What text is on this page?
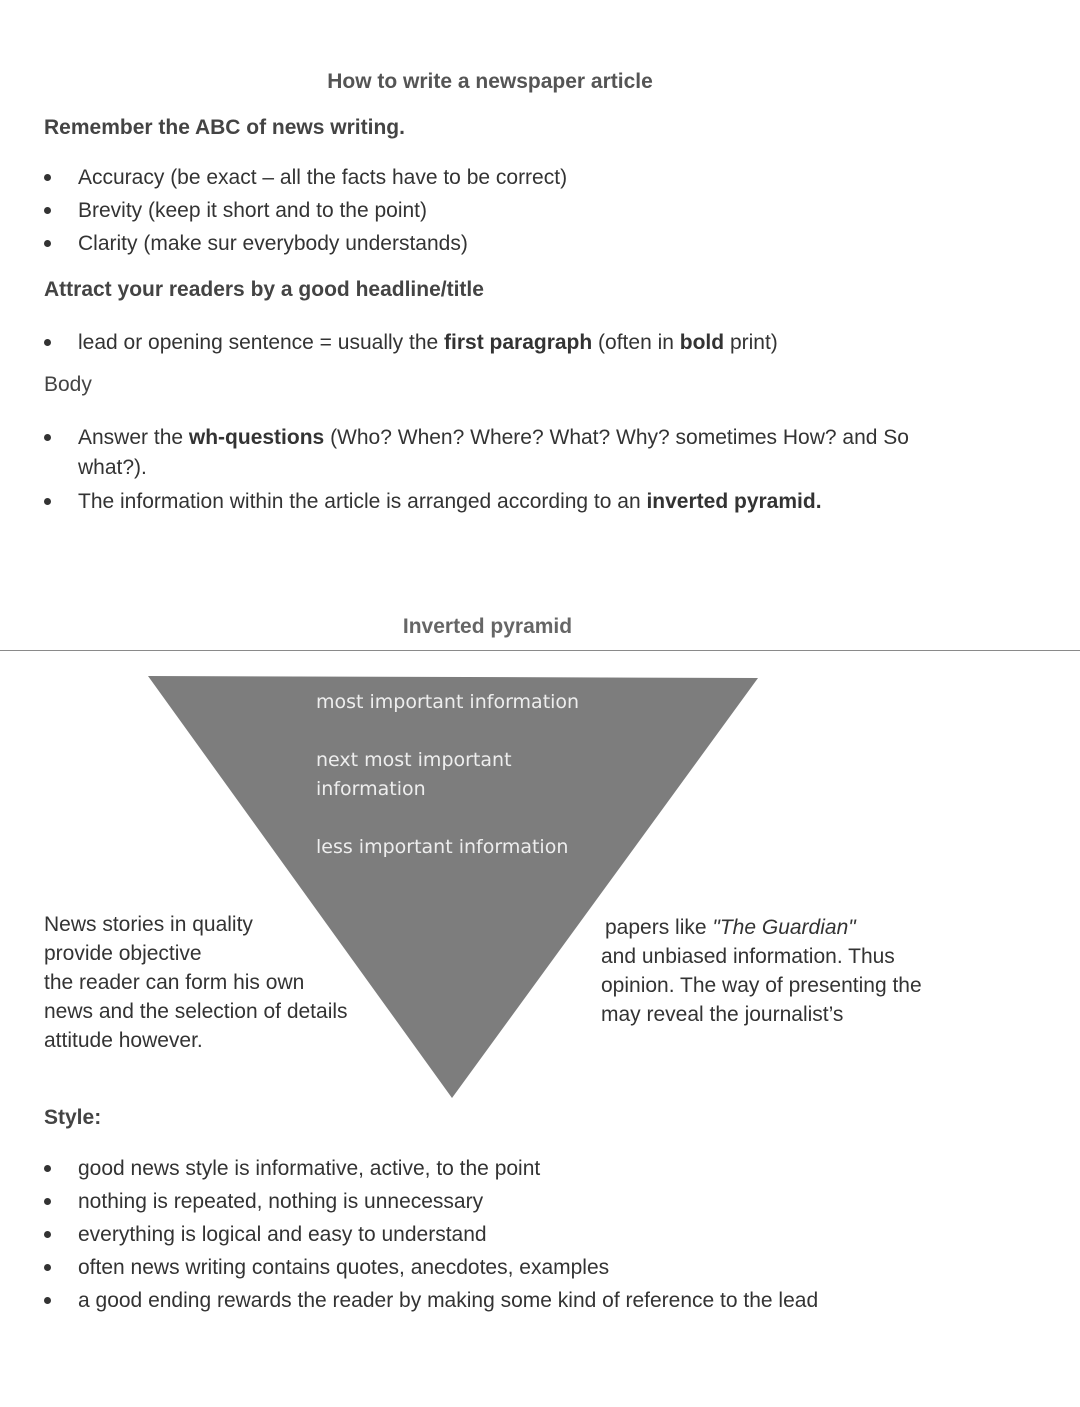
How to write a newspaper article
Remember the ABC of news writing.
Accuracy (be exact – all the facts have to be correct)
Brevity (keep it short and to the point)
Clarity (make sur everybody understands)
Attract your readers by a good headline/title
lead or opening sentence = usually the first paragraph (often in bold print)
Body
Answer the wh-questions (Who? When? Where? What? Why? sometimes How? and So what?).
The information within the article is arranged according to an inverted pyramid.
Inverted pyramid
most important information
next most important information
less important information
News stories in quality
provide objective
the reader can form his own
news and the selection of details
attitude however.
papers like "The Guardian"
and unbiased information. Thus
opinion. The way of presenting the
may reveal the journalist’s
Style:
good news style is informative, active, to the point
nothing is repeated, nothing is unnecessary
everything is logical and easy to understand
often news writing contains quotes, anecdotes, examples
a good ending rewards the reader by making some kind of reference to the lead
